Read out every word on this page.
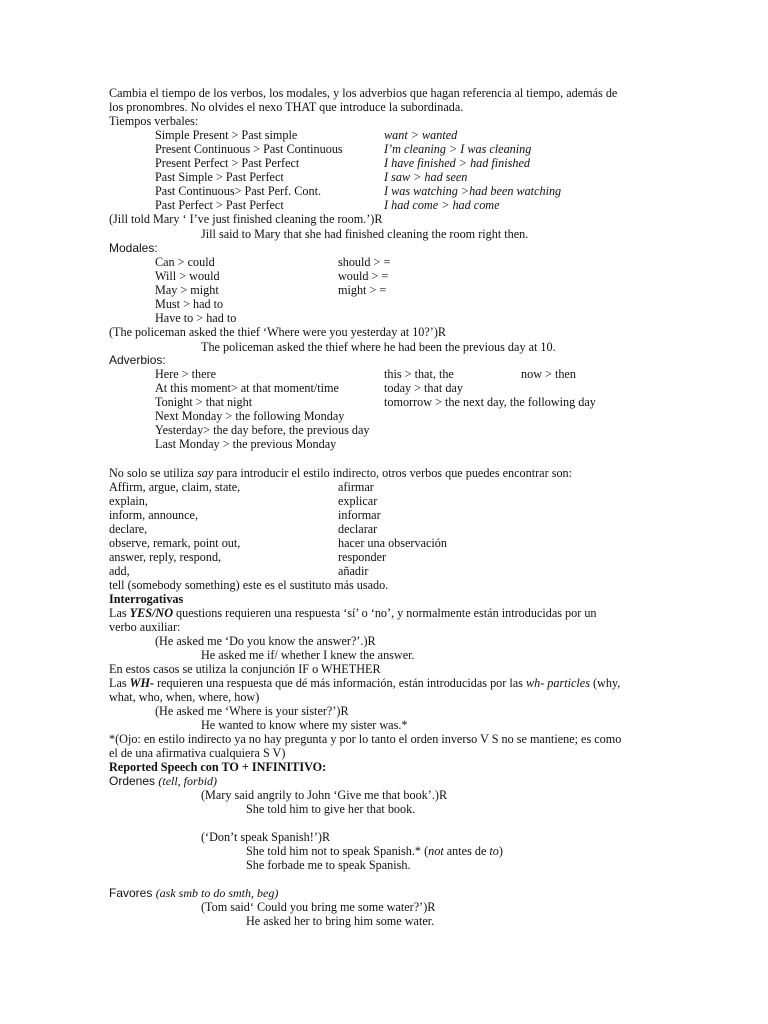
Cambia el tiempo de los verbos, los modales, y los adverbios que hagan referencia al tiempo, además de
los pronombres. No olvides el nexo THAT que introduce la subordinada.
Tiempos verbales:
Simple Present > Past simple	want > wanted
Present Continuous > Past Continuous	I’m cleaning > I was cleaning
Present Perfect > Past Perfect	I have finished > had finished
Past Simple > Past Perfect	I saw > had seen
Past Continuous> Past Perf. Cont.	I was watching >had been watching
Past Perfect > Past Perfect	I had come > had come
(Jill told Mary ‘ I’ve just finished cleaning the room.’)R
Jill said to Mary that she had finished cleaning the room right then.
Modales:
Can > could	should > =
Will > would	would > =
May > might	might > =
Must > had to
Have to > had to
(The policeman asked the thief ‘Where were you yesterday at 10?’)R
The policeman asked the thief where he had been the previous day at 10.
Adverbios:
Here > there	this > that, the	now > then
At this moment> at that moment/time	today > that day
Tonight > that night	tomorrow > the next day, the following day
Next Monday > the following Monday
Yesterday> the day before, the previous day
Last Monday > the previous Monday
No solo se utiliza say para introducir el estilo indirecto, otros verbos que puedes encontrar son:
Affirm, argue, claim, state,	afirmar
explain,	explicar
inform, announce,	informar
declare,	declarar
observe, remark, point out,	hacer una observación
answer, reply, respond,	responder
add,	añadir
tell (somebody something) este es el sustituto más usado.
Interrogativas
Las YES/NO questions requieren una respuesta ‘sí’ o ‘no’, y normalmente están introducidas por un
verbo auxiliar:
(He asked me ‘Do you know the answer?’.)R
He asked me if/ whether I knew the answer.
En estos casos se utiliza la conjunción IF o WHETHER
Las WH- requieren una respuesta que dé más información, están introducidas por las wh- particles (why,
what, who, when, where, how)
(He asked me ‘Where is your sister?’)R
He wanted to know where my sister was.*
*(Ojo: en estilo indirecto ya no hay pregunta y por lo tanto el orden inverso V S no se mantiene; es como
el de una afirmativa cualquiera S V)
Reported Speech con TO + INFINITIVO:
Ordenes (tell, forbid)
(Mary said angrily to John ‘Give me that book’.)R
She told him to give her that book.
(‘Don’t speak Spanish!’)R
She told him not to speak Spanish.* (not antes de to)
She forbade me to speak Spanish.
Favores (ask smb to do smth, beg)
(Tom said‘ Could you bring me some water?’)R
He asked her to bring him some water.
